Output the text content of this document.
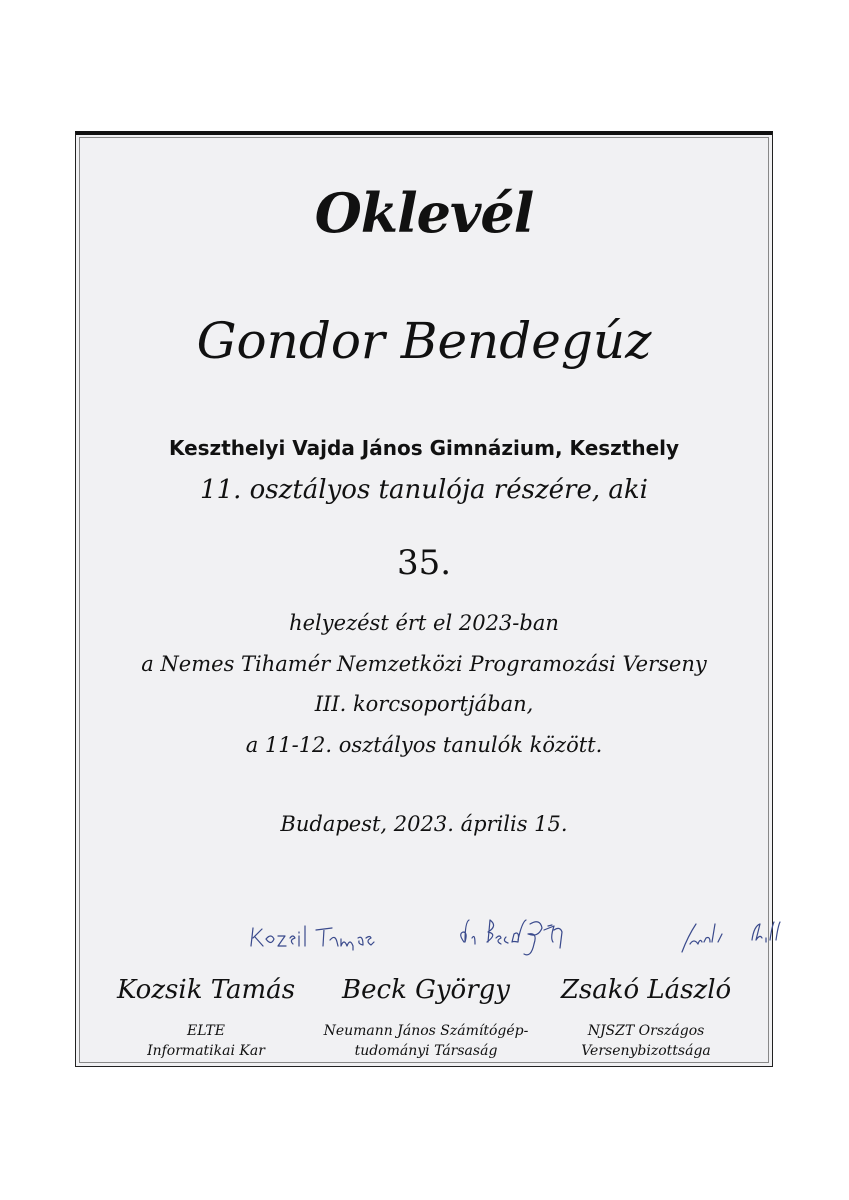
Oklevél
Gondor Bendegúz
Keszthelyi Vajda János Gimnázium, Keszthely
11. osztályos tanulója részére, aki
35.
helyezést ért el 2023-ban
a Nemes Tihamér Nemzetközi Programozási Verseny
III. korcsoportjában,
a 11-12. osztályos tanulók között.
Budapest, 2023. április 15.
Kozsik Tamás
ELTE
Informatikai Kar
Beck György
Neumann János Számítógép-
tudományi Társaság
Zsakó László
NJSZT Országos
Versenybizottsága
